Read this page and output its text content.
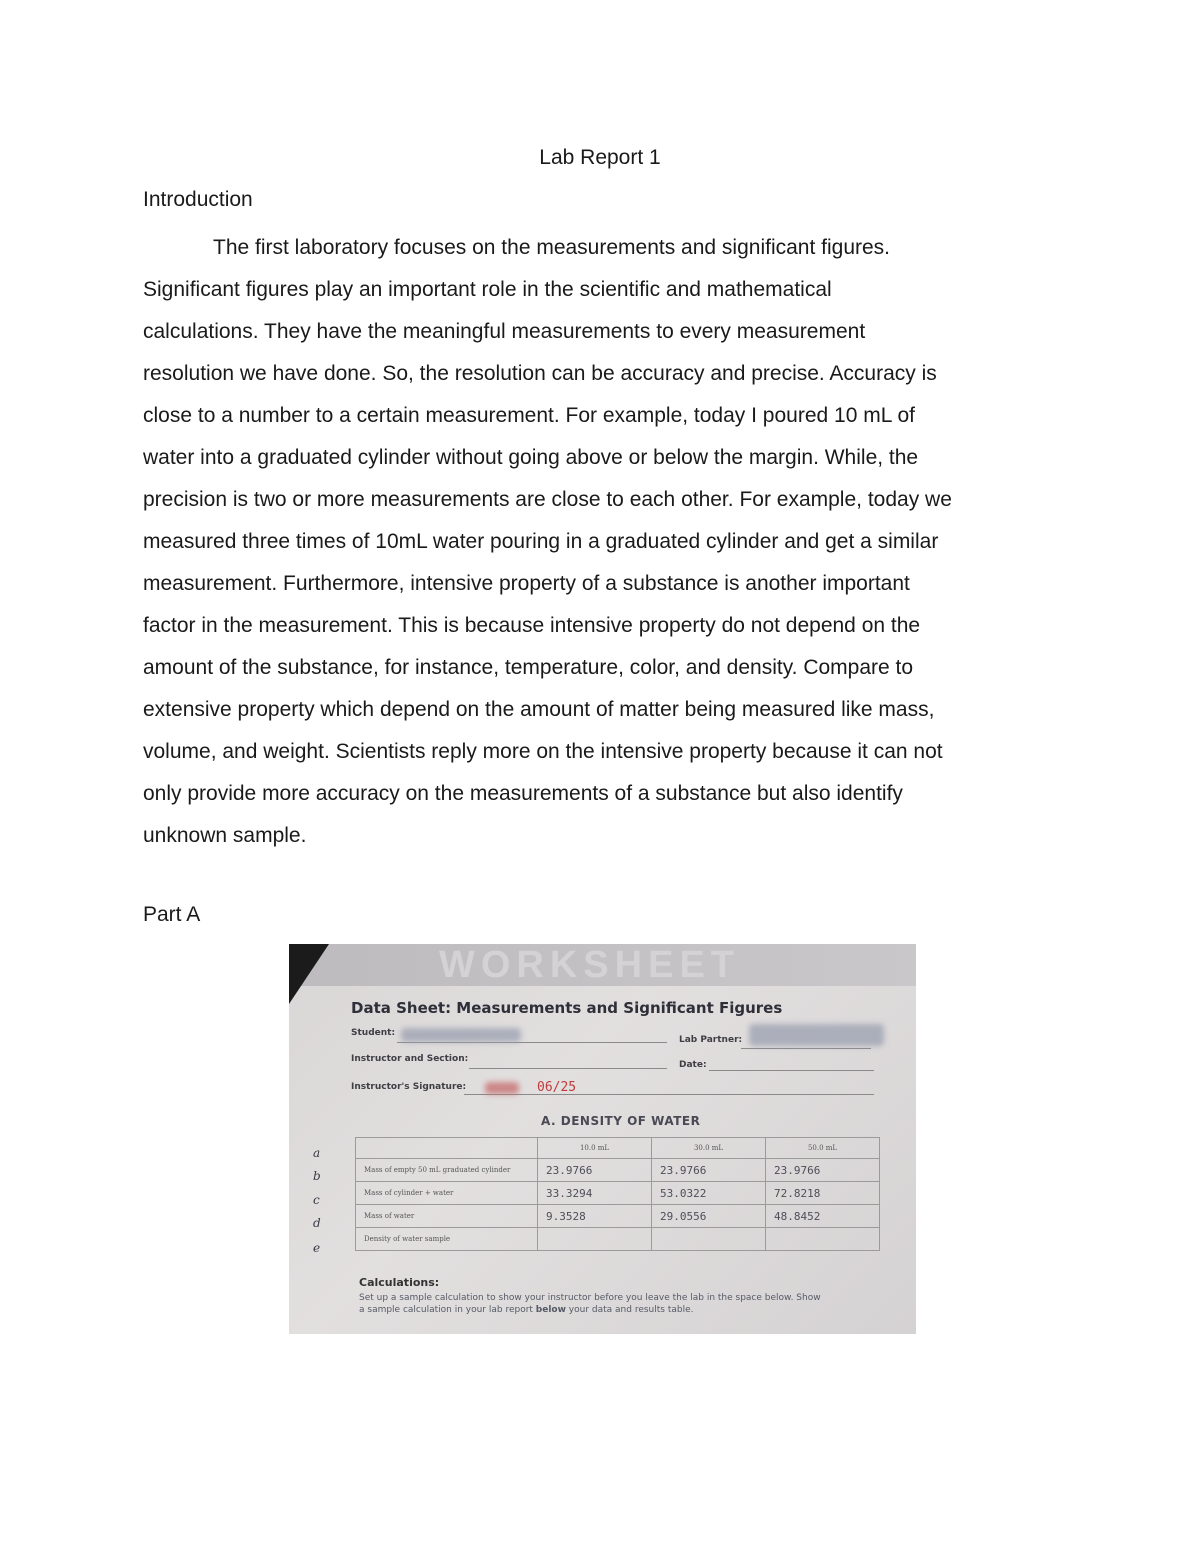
Lab Report 1
Introduction
The first laboratory focuses on the measurements and significant figures.
Significant figures play an important role in the scientific and mathematical
calculations. They have the meaningful measurements to every measurement
resolution we have done. So, the resolution can be accuracy and precise. Accuracy is
close to a number to a certain measurement. For example, today I poured 10 mL of
water into a graduated cylinder without going above or below the margin. While, the
precision is two or more measurements are close to each other. For example, today we
measured three times of 10mL water pouring in a graduated cylinder and get a similar
measurement. Furthermore, intensive property of a substance is another important
factor in the measurement. This is because intensive property do not depend on the
amount of the substance, for instance, temperature, color, and density. Compare to
extensive property which depend on the amount of matter being measured like mass,
volume, and weight. Scientists reply more on the intensive property because it can not
only provide more accuracy on the measurements of a substance but also identify
unknown sample.
Part A
WORKSHEET
Data Sheet: Measurements and Significant Figures
Student:
Lab Partner:
Instructor and Section:
Date:
Instructor's Signature:	06/25
A. DENSITY OF WATER
a
b
c
d
e
	10.0 mL	30.0 mL	50.0 mL
Mass of empty 50 mL graduated cylinder	23.9766	23.9766	23.9766
Mass of cylinder + water	33.3294	53.0322	72.8218
Mass of water	9.3528	29.0556	48.8452
Density of water sample			
Calculations:
Set up a sample calculation to show your instructor before you leave the lab in the space below. Show
a sample calculation in your lab report below your data and results table.
